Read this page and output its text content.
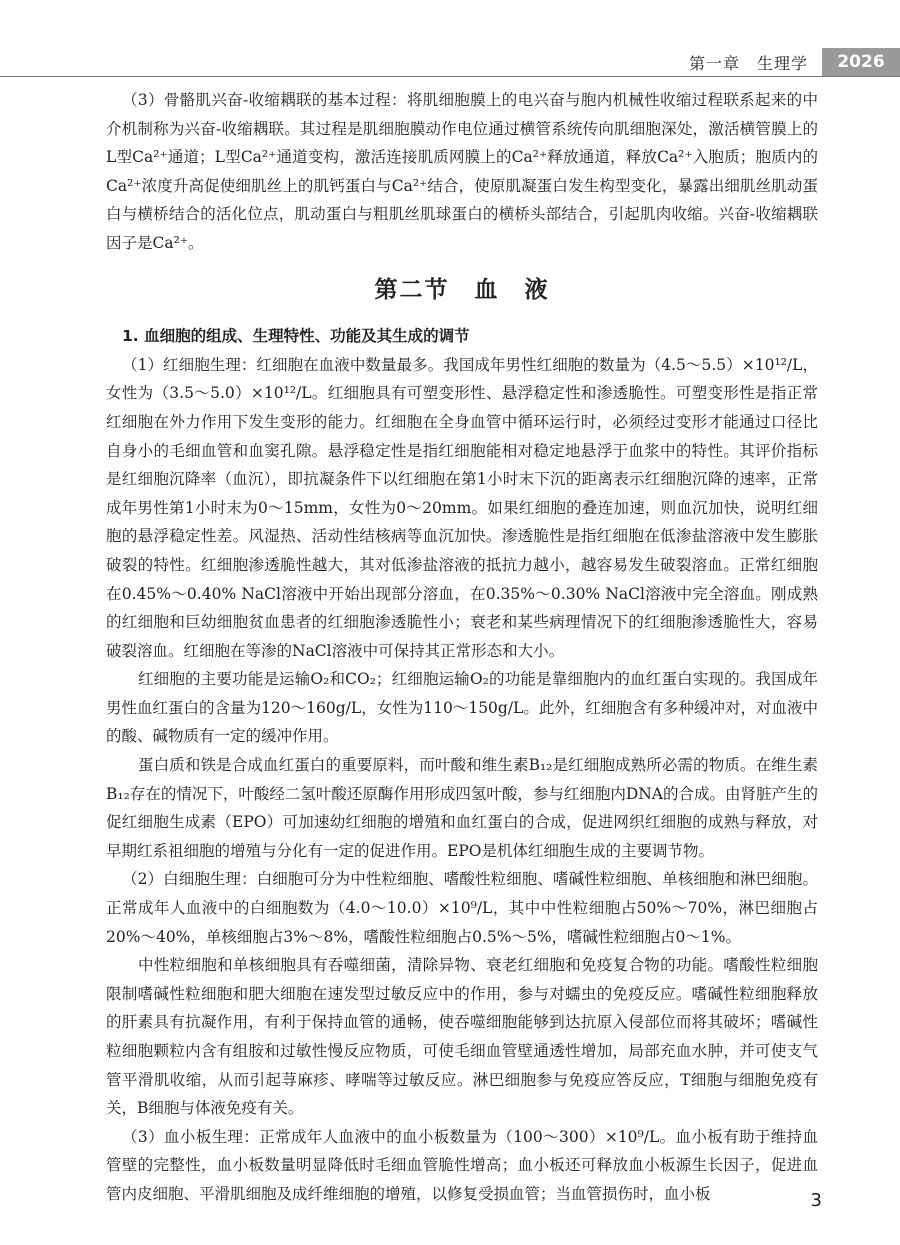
第一章　生理学	2026

（3）骨骼肌兴奋-收缩耦联的基本过程：将肌细胞膜上的电兴奋与胞内机械性收缩过程联系起来的中介机制称为兴奋-收缩耦联。其过程是肌细胞膜动作电位通过横管系统传向肌细胞深处，激活横管膜上的L型Ca²⁺通道；L型Ca²⁺通道变构，激活连接肌质网膜上的Ca²⁺释放通道，释放Ca²⁺入胞质；胞质内的Ca²⁺浓度升高促使细肌丝上的肌钙蛋白与Ca²⁺结合，使原肌凝蛋白发生构型变化，暴露出细肌丝肌动蛋白与横桥结合的活化位点，肌动蛋白与粗肌丝肌球蛋白的横桥头部结合，引起肌肉收缩。兴奋-收缩耦联因子是Ca²⁺。

第二节　血　液
1. 血细胞的组成、生理特性、功能及其生成的调节

（1）红细胞生理：红细胞在血液中数量最多。我国成年男性红细胞的数量为（4.5～5.5）×10¹²/L，女性为（3.5～5.0）×10¹²/L。红细胞具有可塑变形性、悬浮稳定性和渗透脆性。可塑变形性是指正常红细胞在外力作用下发生变形的能力。红细胞在全身血管中循环运行时，必须经过变形才能通过口径比自身小的毛细血管和血窦孔隙。悬浮稳定性是指红细胞能相对稳定地悬浮于血浆中的特性。其评价指标是红细胞沉降率（血沉），即抗凝条件下以红细胞在第1小时末下沉的距离表示红细胞沉降的速率，正常成年男性第1小时末为0～15mm，女性为0～20mm。如果红细胞的叠连加速，则血沉加快，说明红细胞的悬浮稳定性差。风湿热、活动性结核病等血沉加快。渗透脆性是指红细胞在低渗盐溶液中发生膨胀破裂的特性。红细胞渗透脆性越大，其对低渗盐溶液的抵抗力越小，越容易发生破裂溶血。正常红细胞在0.45%～0.40% NaCl溶液中开始出现部分溶血，在0.35%～0.30% NaCl溶液中完全溶血。刚成熟的红细胞和巨幼细胞贫血患者的红细胞渗透脆性小；衰老和某些病理情况下的红细胞渗透脆性大，容易破裂溶血。红细胞在等渗的NaCl溶液中可保持其正常形态和大小。

红细胞的主要功能是运输O₂和CO₂；红细胞运输O₂的功能是靠细胞内的血红蛋白实现的。我国成年男性血红蛋白的含量为120～160g/L，女性为110～150g/L。此外，红细胞含有多种缓冲对，对血液中的酸、碱物质有一定的缓冲作用。

蛋白质和铁是合成血红蛋白的重要原料，而叶酸和维生素B₁₂是红细胞成熟所必需的物质。在维生素B₁₂存在的情况下，叶酸经二氢叶酸还原酶作用形成四氢叶酸，参与红细胞内DNA的合成。由肾脏产生的促红细胞生成素（EPO）可加速幼红细胞的增殖和血红蛋白的合成，促进网织红细胞的成熟与释放，对早期红系祖细胞的增殖与分化有一定的促进作用。EPO是机体红细胞生成的主要调节物。

（2）白细胞生理：白细胞可分为中性粒细胞、嗜酸性粒细胞、嗜碱性粒细胞、单核细胞和淋巴细胞。正常成年人血液中的白细胞数为（4.0～10.0）×10⁹/L，其中中性粒细胞占50%～70%，淋巴细胞占20%～40%，单核细胞占3%～8%，嗜酸性粒细胞占0.5%～5%，嗜碱性粒细胞占0～1%。

中性粒细胞和单核细胞具有吞噬细菌，清除异物、衰老红细胞和免疫复合物的功能。嗜酸性粒细胞限制嗜碱性粒细胞和肥大细胞在速发型过敏反应中的作用，参与对蠕虫的免疫反应。嗜碱性粒细胞释放的肝素具有抗凝作用，有利于保持血管的通畅，使吞噬细胞能够到达抗原入侵部位而将其破坏；嗜碱性粒细胞颗粒内含有组胺和过敏性慢反应物质，可使毛细血管壁通透性增加，局部充血水肿，并可使支气管平滑肌收缩，从而引起荨麻疹、哮喘等过敏反应。淋巴细胞参与免疫应答反应，T细胞与细胞免疫有关，B细胞与体液免疫有关。

（3）血小板生理：正常成年人血液中的血小板数量为（100～300）×10⁹/L。血小板有助于维持血管壁的完整性，血小板数量明显降低时毛细血管脆性增高；血小板还可释放血小板源生长因子，促进血管内皮细胞、平滑肌细胞及成纤维细胞的增殖，以修复受损血管；当血管损伤时，血小板	3
